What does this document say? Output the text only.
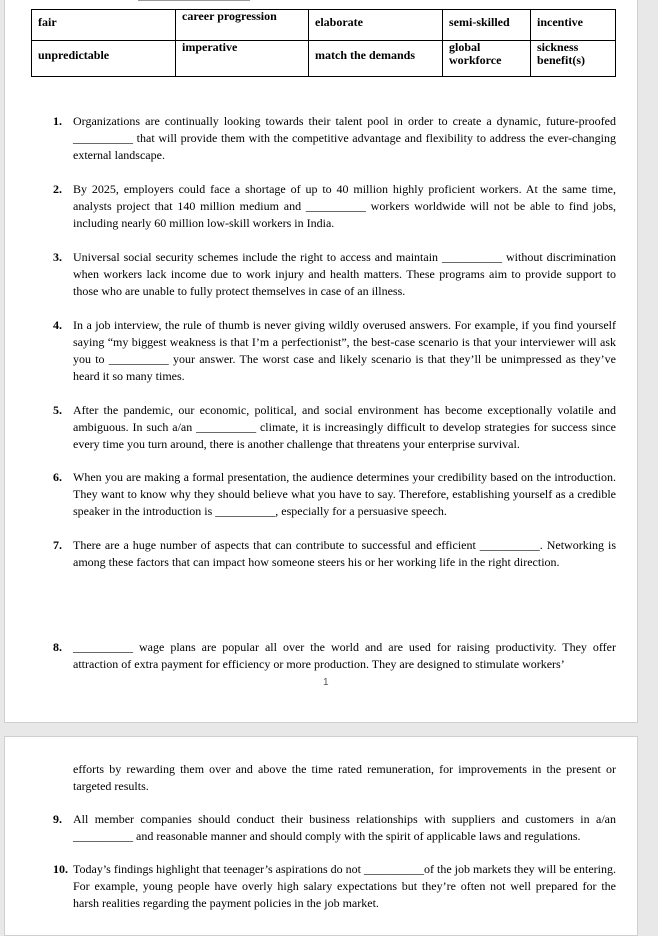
fair	career progression	elaborate	semi-skilled	incentive
unpredictable	imperative	match the demands	global workforce	sickness benefit(s)
1. Organizations are continually looking towards their talent pool in order to create a dynamic, future-proofed __________ that will provide them with the competitive advantage and flexibility to address the ever-changing external landscape.
2. By 2025, employers could face a shortage of up to 40 million highly proficient workers. At the same time, analysts project that 140 million medium and __________ workers worldwide will not be able to find jobs, including nearly 60 million low-skill workers in India.
3. Universal social security schemes include the right to access and maintain __________ without discrimination when workers lack income due to work injury and health matters. These programs aim to provide support to those who are unable to fully protect themselves in case of an illness.
4. In a job interview, the rule of thumb is never giving wildly overused answers. For example, if you find yourself saying “my biggest weakness is that I’m a perfectionist”, the best-case scenario is that your interviewer will ask you to __________ your answer. The worst case and likely scenario is that they’ll be unimpressed as they’ve heard it so many times.
5. After the pandemic, our economic, political, and social environment has become exceptionally volatile and ambiguous. In such a/an __________ climate, it is increasingly difficult to develop strategies for success since every time you turn around, there is another challenge that threatens your enterprise survival.
6. When you are making a formal presentation, the audience determines your credibility based on the introduction. They want to know why they should believe what you have to say. Therefore, establishing yourself as a credible speaker in the introduction is __________, especially for a persuasive speech.
7. There are a huge number of aspects that can contribute to successful and efficient __________. Networking is among these factors that can impact how someone steers his or her working life in the right direction.
8. __________ wage plans are popular all over the world and are used for raising productivity. They offer attraction of extra payment for efficiency or more production. They are designed to stimulate workers’
1
efforts by rewarding them over and above the time rated remuneration, for improvements in the present or targeted results.
9. All member companies should conduct their business relationships with suppliers and customers in a/an __________ and reasonable manner and should comply with the spirit of applicable laws and regulations.
10. Today’s findings highlight that teenager’s aspirations do not __________of the job markets they will be entering. For example, young people have overly high salary expectations but they’re often not well prepared for the harsh realities regarding the payment policies in the job market.
